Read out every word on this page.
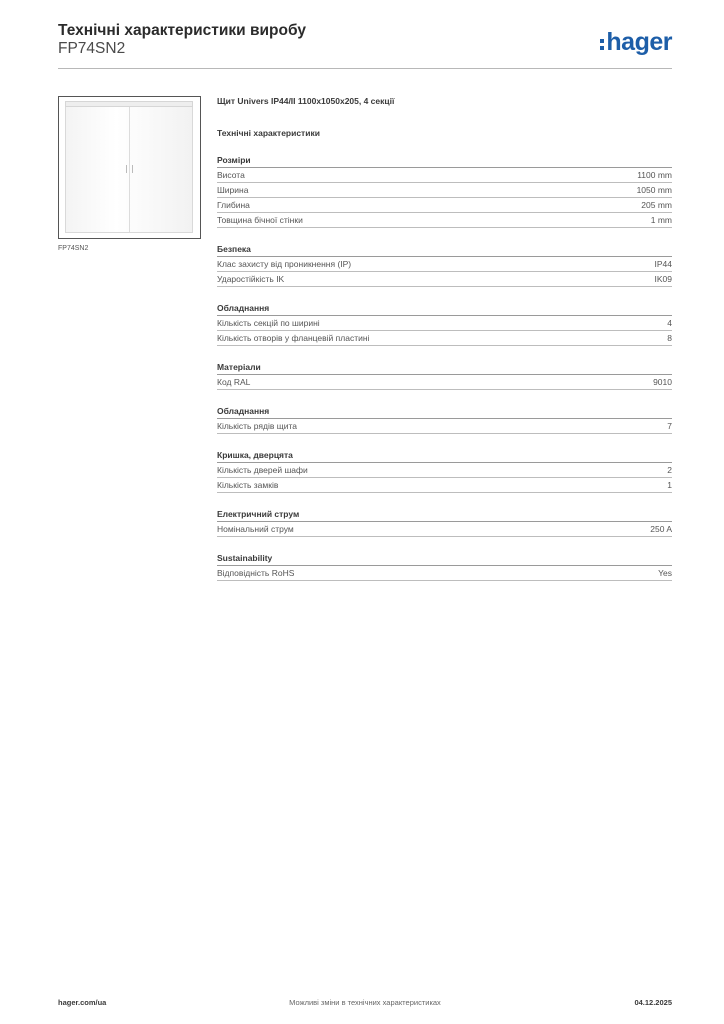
Технічні характеристики виробу
FP74SN2	hager
FP74SN2
Щит Univers IP44/II 1100x1050x205, 4 секції
Технічні характеристики
Розміри
Висота	1100 mm
Ширина	1050 mm
Глибина	205 mm
Товщина бічної стінки	1 mm
Безпека
Клас захисту від проникнення (IP)	IP44
Ударостійкість IK	IK09
Обладнання
Кількість секцій по ширині	4
Кількість отворів у фланцевій пластині	8
Матеріали
Код RAL	9010
Обладнання
Кількість рядів щита	7
Кришка, дверцята
Кількість дверей шафи	2
Кількість замків	1
Електричний струм
Номінальний струм	250 A
Sustainability
Відповідність RoHS	Yes
hager.com/ua	Можливі зміни в технічних характеристиках	04.12.2025
